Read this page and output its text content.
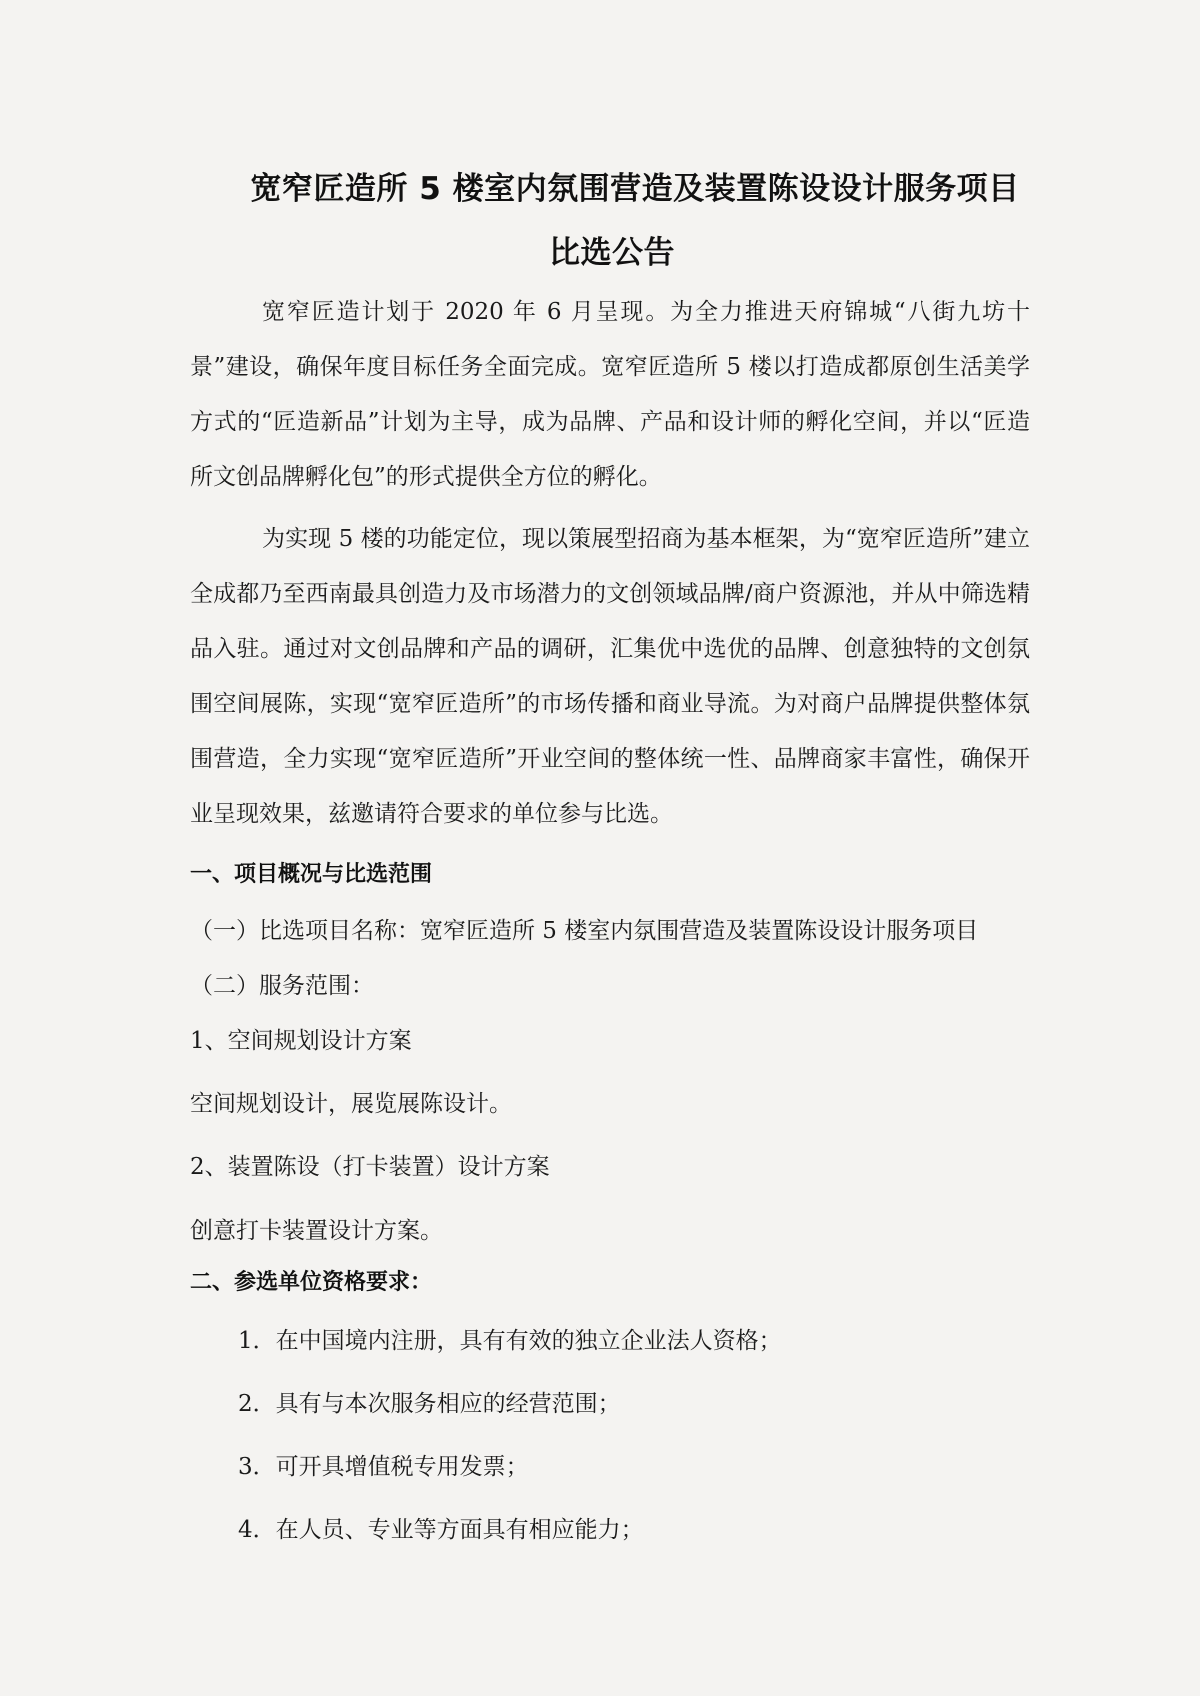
宽窄匠造所 5 楼室内氛围营造及装置陈设设计服务项目
比选公告
宽窄匠造计划于 2020 年 6 月呈现。为全力推进天府锦城“八街九坊十景”建设，确保年度目标任务全面完成。宽窄匠造所 5 楼以打造成都原创生活美学方式的“匠造新品”计划为主导，成为品牌、产品和设计师的孵化空间，并以“匠造所文创品牌孵化包”的形式提供全方位的孵化。
为实现 5 楼的功能定位，现以策展型招商为基本框架，为“宽窄匠造所”建立全成都乃至西南最具创造力及市场潜力的文创领域品牌/商户资源池，并从中筛选精品入驻。通过对文创品牌和产品的调研，汇集优中选优的品牌、创意独特的文创氛围空间展陈，实现“宽窄匠造所”的市场传播和商业导流。为对商户品牌提供整体氛围营造，全力实现“宽窄匠造所”开业空间的整体统一性、品牌商家丰富性，确保开业呈现效果，兹邀请符合要求的单位参与比选。
一、项目概况与比选范围
（一）比选项目名称：宽窄匠造所 5 楼室内氛围营造及装置陈设设计服务项目
（二）服务范围：
1、空间规划设计方案
空间规划设计，展览展陈设计。
2、装置陈设（打卡装置）设计方案
创意打卡装置设计方案。
二、参选单位资格要求：
1．在中国境内注册，具有有效的独立企业法人资格；
2．具有与本次服务相应的经营范围；
3．可开具增值税专用发票；
4．在人员、专业等方面具有相应能力；
